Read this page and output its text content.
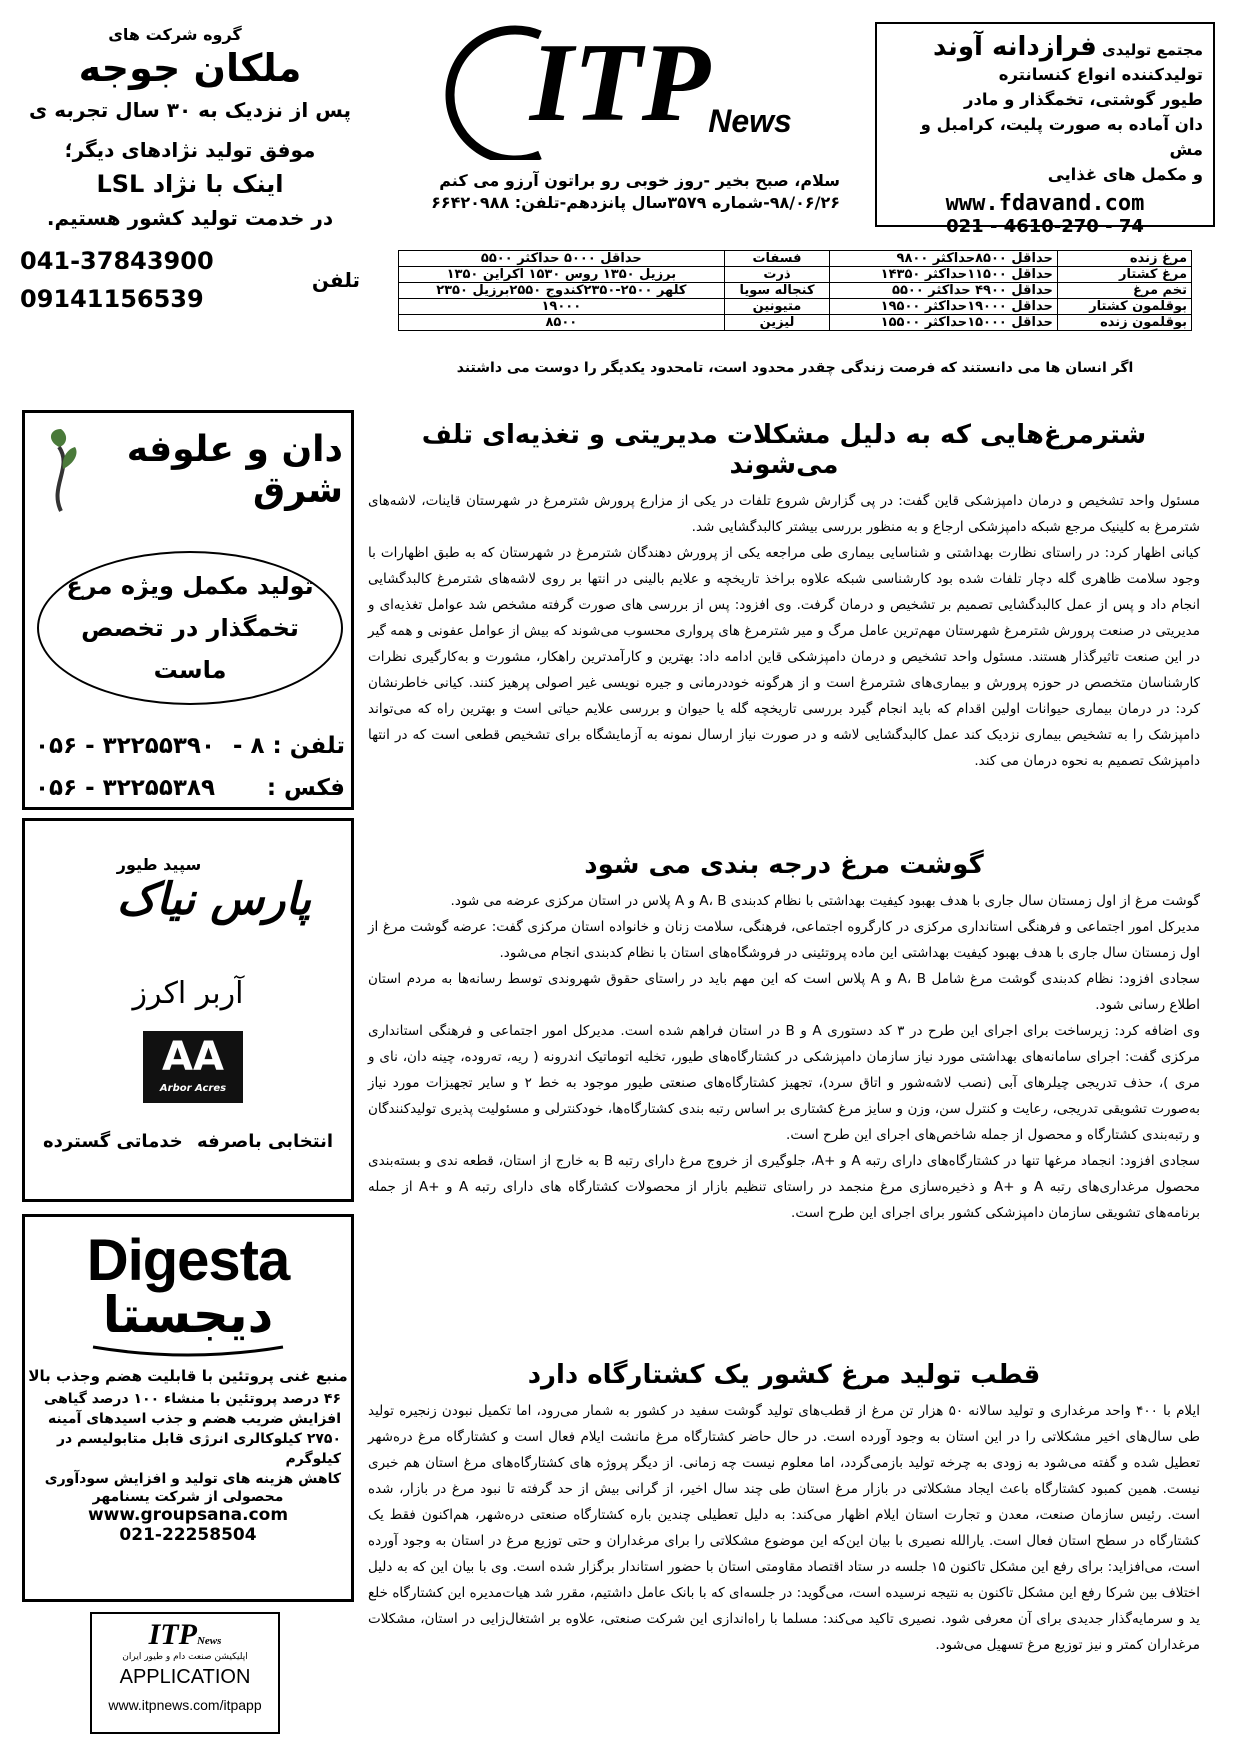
مجتمع تولیدی فرازدانه آوند
تولیدکننده انواع کنسانتره
طیور گوشتی، تخمگذار و مادر
دان آماده به صورت پلیت، کرامبل و مش
و مکمل های غذایی
www.fdavand.com
021 - 4610-270 - 74
ITP
News
سلام، صبح بخیر -روز خوبی رو براتون آرزو می کنم
۹۸/۰۶/۲۶-شماره ۳۵۷۹سال پانزدهم-تلفن: ۶۶۴۲۰۹۸۸
گروه شرکت های
ملکان جوجه
پس از نزدیک به ۳۰ سال تجربه ی
موفق تولید نژادهای دیگر؛
اینک با نژاد LSL
در خدمت تولید کشور هستیم.
تلفن
041-37843900
09141156539
مرغ زنده	حداقل ۸۵۰۰حداکثر ۹۸۰۰	فسفات	حداقل ۵۰۰۰ حداکثر ۵۵۰۰
مرغ کشتار	حداقل ۱۱۵۰۰حداکثر ۱۴۳۵۰	ذرت	برزیل ۱۳۵۰ روس ۱۵۳۰ اکراین ۱۳۵۰
تخم مرغ	حداقل ۴۹۰۰ حداکثر ۵۵۰۰	کنجاله سویا	کلهر ۲۵۰۰-۲۳۵۰کندوج ۲۵۵۰برزیل ۲۳۵۰
بوقلمون کشتار	حداقل ۱۹۰۰۰حداکثر ۱۹۵۰۰	متیونین	۱۹۰۰۰
بوقلمون زنده	حداقل ۱۵۰۰۰حداکثر ۱۵۵۰۰	لیزین	۸۵۰۰
اگر انسان ها می دانستند که فرصت زندگی چقدر محدود است، تامحدود یکدیگر را دوست می داشتند
دان و علوفه شرق
تولید مکمل ویژه مرغ
تخمگذار در تخصص
ماست
تلفن : ۸ -
۰۵۶ - ۳۲۲۵۵۳۹۰
فکس :
۰۵۶ - ۳۲۲۵۵۳۸۹
سپید طیور
پارس نیاک
آربر اکرز
AA
Arbor Acres
انتخابی باصرفه
خدماتی گسترده
Digesta
دیجستا
منبع غنی پروتئین با قابلیت هضم وجذب بالا
۴۶ درصد پروتئین با منشاء ۱۰۰ درصد گیاهی
افزایش ضریب هضم و جذب اسیدهای آمینه
۲۷۵۰ کیلوکالری انرژی قابل متابولیسم در کیلوگرم
کاهش هزینه های تولید و افزایش سودآوری
محصولی از شرکت یسنامهر
www.groupsana.com
021-22258504
ITPNews
اپلیکیشن صنعت دام و طیور ایران
APPLICATION
www.itpnews.com/itpapp
شترمرغ‌هایی که به دلیل مشکلات مدیریتی و تغذیه‌ای تلف می‌شوند

مسئول واحد تشخیص و درمان دامپزشکی قاین گفت: در پی گزارش شروع تلفات در یکی از مزارع پرورش شترمرغ در شهرستان قاینات، لاشه‌های شترمرغ به کلینیک مرجع شبکه دامپزشکی ارجاع و به منظور بررسی بیشتر کالبدگشایی شد.

کیانی اظهار کرد: در راستای نظارت بهداشتی و شناسایی بیماری طی مراجعه یکی از پرورش دهندگان شترمرغ در شهرستان که به طبق اظهارات با وجود سلامت ظاهری گله دچار تلفات شده بود کارشناسی شبکه علاوه براخذ تاریخچه و علایم بالینی در انتها بر روی لاشه‌های شترمرغ کالبدگشایی انجام داد و پس از عمل کالبدگشایی تصمیم بر تشخیص و درمان گرفت. وی افزود: پس از بررسی های صورت گرفته مشخص شد عوامل تغذیه‌ای و مدیریتی در صنعت پرورش شترمرغ شهرستان مهم‌ترین عامل مرگ و میر شترمرغ های پرواری محسوب می‌شوند که بیش از عوامل عفونی و همه گیر در این صنعت تاثیرگذار هستند. مسئول واحد تشخیص و درمان دامپزشکی قاین ادامه داد: بهترین و کارآمدترین راهکار، مشورت و به‌کارگیری نظرات کارشناسان متخصص در حوزه پرورش و بیماری‌های شترمرغ است و از هرگونه خوددرمانی و جیره نویسی غیر اصولی پرهیز کنند. کیانی خاطرنشان کرد: در درمان بیماری حیوانات اولین اقدام که باید انجام گیرد بررسی تاریخچه گله یا حیوان و بررسی علایم حیاتی است و بهترین راه که می‌تواند دامپزشک را به تشخیص بیماری نزدیک کند عمل کالبدگشایی لاشه و در صورت نیاز ارسال نمونه به آزمایشگاه برای تشخیص قطعی است که در انتها دامپزشک تصمیم به نحوه درمان می کند.

گوشت مرغ درجه بندی می شود

گوشت مرغ از اول زمستان سال جاری با هدف بهبود کیفیت بهداشتی با نظام کدبندی A، B و A پلاس در استان مرکزی عرضه می شود.

مدیرکل امور اجتماعی و فرهنگی استانداری مرکزی در کارگروه اجتماعی، فرهنگی، سلامت زنان و خانواده استان مرکزی گفت: عرضه گوشت مرغ از اول زمستان سال جاری با هدف بهبود کیفیت بهداشتی این ماده پروتئینی در فروشگاه‌های استان با نظام کدبندی انجام می‌شود.

سجادی افزود: نظام کدبندی گوشت مرغ شامل A، B و A پلاس است که این مهم باید در راستای حقوق شهروندی توسط رسانه‌ها به مردم استان اطلاع رسانی شود.

وی اضافه کرد: زیرساخت برای اجرای این طرح در ۳ کد دستوری A و B در استان فراهم شده است. مدیرکل امور اجتماعی و فرهنگی استانداری مرکزی گفت: اجرای سامانه‌های بهداشتی مورد نیاز سازمان دامپزشکی در کشتارگاه‌های طیور، تخلیه اتوماتیک اندرونه ( ریه، ته‌روده، چینه دان، نای و مری )، حذف تدریجی چیلرهای آبی (نصب لاشه‌شور و اتاق سرد)، تجهیز کشتارگاه‌های صنعتی طیور موجود به خط ۲ و سایر تجهیزات مورد نیاز به‌صورت تشویقی تدریجی، رعایت و کنترل سن، وزن و سایز مرغ کشتاری بر اساس رتبه بندی کشتارگاه‌ها، خودکنترلی و مسئولیت پذیری تولیدکنندگان و رتبه‌بندی کشتارگاه و محصول از جمله شاخص‌های اجرای این طرح است.

سجادی افزود: انجماد مرغها تنها در کشتارگاه‌های دارای رتبه A و +A، جلوگیری از خروج مرغ دارای رتبه B به خارج از استان، قطعه ندی و بسته‌بندی محصول مرغداری‌های رتبه A و +A و ذخیره‌سازی مرغ منجمد در راستای تنظیم بازار از محصولات کشتارگاه های دارای رتبه A و +A از جمله برنامه‌های تشویقی سازمان دامپزشکی کشور برای اجرای این طرح است.

قطب تولید مرغ کشور یک کشتارگاه دارد

ایلام با ۴۰۰ واحد مرغداری و تولید سالانه ۵۰ هزار تن مرغ از قطب‌های تولید گوشت سفید در کشور به شمار می‌رود، اما تکمیل نبودن زنجیره تولید طی سال‌های اخیر مشکلاتی را در این استان به وجود آورده است. در حال حاضر کشتارگاه مرغ مانشت ایلام فعال است و کشتارگاه مرغ دره‌شهر تعطیل شده و گفته می‌شود به زودی به چرخه تولید بازمی‌گردد، اما معلوم نیست چه زمانی. از دیگر پروژه های کشتارگاه‌های مرغ استان هم خبری نیست. همین کمبود کشتارگاه باعث ایجاد مشکلاتی در بازار مرغ استان طی چند سال اخیر، از گرانی بیش از حد گرفته تا نبود مرغ در بازار، شده است. رئیس سازمان صنعت، معدن و تجارت استان ایلام اظهار می‌کند: به دلیل تعطیلی چندین باره کشتارگاه صنعتی دره‌شهر، هم‌اکنون فقط یک کشتارگاه در سطح استان فعال است. یارالله نصیری با بیان این‌که این موضوع مشکلاتی را برای مرغداران و حتی توزیع مرغ در استان به وجود آورده است، می‌افزاید: برای رفع این مشکل تاکنون ۱۵ جلسه در ستاد اقتصاد مقاومتی استان با حضور استاندار برگزار شده است. وی با بیان این که به دلیل اختلاف بین شرکا رفع این مشکل تاکنون به نتیجه نرسیده است، می‌گوید: در جلسه‌ای که با بانک عامل داشتیم، مقرر شد هیات‌مدیره این کشتارگاه خلع ید و سرمایه‌گذار جدیدی برای آن معرفی شود. نصیری تاکید می‌کند: مسلما با راه‌اندازی این شرکت صنعتی، علاوه بر اشتغال‌زایی در استان، مشکلات مرغداران کمتر و نیز توزیع مرغ تسهیل می‌شود.
